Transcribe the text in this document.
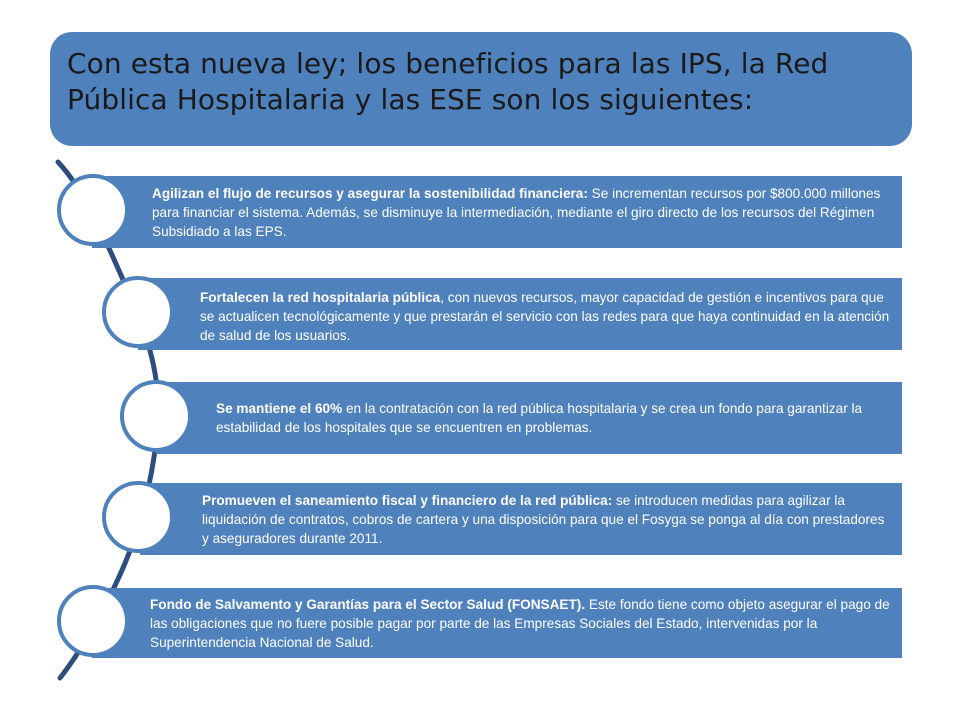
Con esta nueva ley; los beneficios para las IPS, la Red Pública Hospitalaria y las ESE son los siguientes:
Agilizan el flujo de recursos y asegurar la sostenibilidad financiera: Se incrementan recursos por $800.000 millones para financiar el sistema. Además, se disminuye la intermediación, mediante el giro directo de los recursos del Régimen Subsidiado a las EPS.
Fortalecen la red hospitalaria pública, con nuevos recursos, mayor capacidad de gestión e incentivos para que se actualicen tecnológicamente y que prestarán el servicio con las redes para que haya continuidad en la atención de salud de los usuarios.
Se mantiene el 60% en la contratación con la red pública hospitalaria y se crea un fondo para garantizar la estabilidad de los hospitales que se encuentren en problemas.
Promueven el saneamiento fiscal y financiero de la red pública: se introducen medidas para agilizar la liquidación de contratos, cobros de cartera y una disposición para que el Fosyga se ponga al día con prestadores y aseguradores durante 2011.
Fondo de Salvamento y Garantías para el Sector Salud (FONSAET). Este fondo tiene como objeto asegurar el pago de las obligaciones que no fuere posible pagar por parte de las Empresas Sociales del Estado, intervenidas por la Superintendencia Nacional de Salud.
